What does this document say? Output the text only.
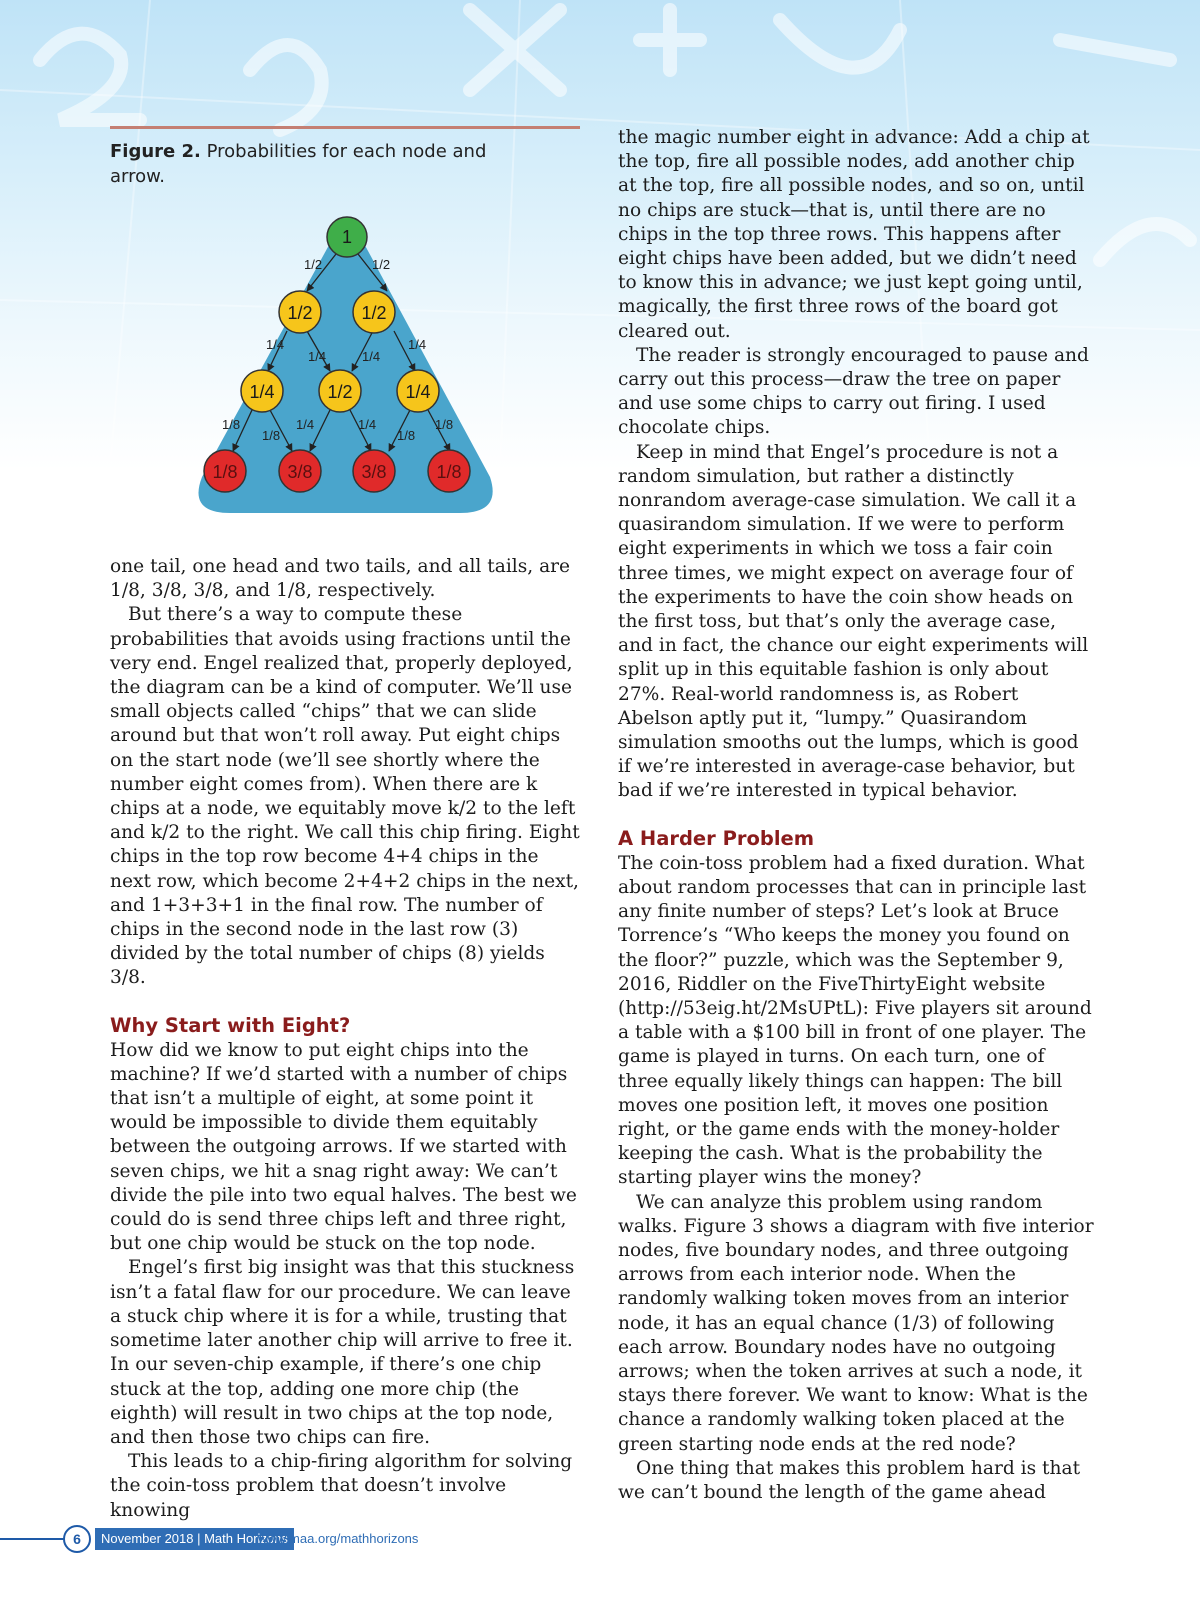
Figure 2. Probabilities for each node and arrow.
1/2	1/2
1/4
1/4	1/4
1/4
1/8
1/8
1/4	1/4
1/8
1/8
1
1/2	1/2
1/4	1/2	1/4
1/8	3/8	3/8	1/8

one tail, one head and two tails, and all tails, are 1/8, 3/8, 3/8, and 1/8, respectively.

But there’s a way to compute these probabilities that avoids using fractions until the very end. Engel realized that, properly deployed, the diagram can be a kind of computer. We’ll use small objects called “chips” that we can slide around but that won’t roll away. Put eight chips on the start node (we’ll see shortly where the number eight comes from). When there are k chips at a node, we equitably move k/2 to the left and k/2 to the right. We call this chip firing. Eight chips in the top row become 4+4 chips in the next row, which become 2+4+2 chips in the next, and 1+3+3+1 in the final row. The number of chips in the second node in the last row (3) divided by the total number of chips (8) yields 3/8.

Why Start with Eight?

How did we know to put eight chips into the machine? If we’d started with a number of chips that isn’t a multiple of eight, at some point it would be impossible to divide them equitably between the outgoing arrows. If we started with seven chips, we hit a snag right away: We can’t divide the pile into two equal halves. The best we could do is send three chips left and three right, but one chip would be stuck on the top node.

Engel’s first big insight was that this stuckness isn’t a fatal flaw for our procedure. We can leave a stuck chip where it is for a while, trusting that sometime later another chip will arrive to free it. In our seven-chip example, if there’s one chip stuck at the top, adding one more chip (the eighth) will result in two chips at the top node, and then those two chips can fire.

This leads to a chip-firing algorithm for solving the coin-toss problem that doesn’t involve knowing

the magic number eight in advance: Add a chip at the top, fire all possible nodes, add another chip at the top, fire all possible nodes, and so on, until no chips are stuck—that is, until there are no chips in the top three rows. This happens after eight chips have been added, but we didn’t need to know this in advance; we just kept going until, magically, the first three rows of the board got cleared out.

The reader is strongly encouraged to pause and carry out this process—draw the tree on paper and use some chips to carry out firing. I used chocolate chips.

Keep in mind that Engel’s procedure is not a random simulation, but rather a distinctly nonrandom average-case simulation. We call it a quasirandom simulation. If we were to perform eight experiments in which we toss a fair coin three times, we might expect on average four of the experiments to have the coin show heads on the first toss, but that’s only the average case, and in fact, the chance our eight experiments will split up in this equitable fashion is only about 27%. Real-world randomness is, as Robert Abelson aptly put it, “lumpy.” Quasirandom simulation smooths out the lumps, which is good if we’re interested in average-case behavior, but bad if we’re interested in typical behavior.

A Harder Problem

The coin-toss problem had a fixed duration. What about random processes that can in principle last any finite number of steps? Let’s look at Bruce Torrence’s “Who keeps the money you found on the floor?” puzzle, which was the September 9, 2016, Riddler on the FiveThirtyEight website (http://53eig.ht/2MsUPtL): Five players sit around a table with a $100 bill in front of one player. The game is played in turns. On each turn, one of three equally likely things can happen: The bill moves one position left, it moves one position right, or the game ends with the money-holder keeping the cash. What is the probability the starting player wins the money?

We can analyze this problem using random walks. Figure 3 shows a diagram with five interior nodes, five boundary nodes, and three outgoing arrows from each interior node. When the randomly walking token moves from an interior node, it has an equal chance (1/3) of following each arrow. Boundary nodes have no outgoing arrows; when the token arrives at such a node, it stays there forever. We want to know: What is the chance a randomly walking token placed at the green starting node ends at the red node?

One thing that makes this problem hard is that we can’t bound the length of the game ahead

6	November 2018 | Math Horizons
www.maa.org/mathhorizons
